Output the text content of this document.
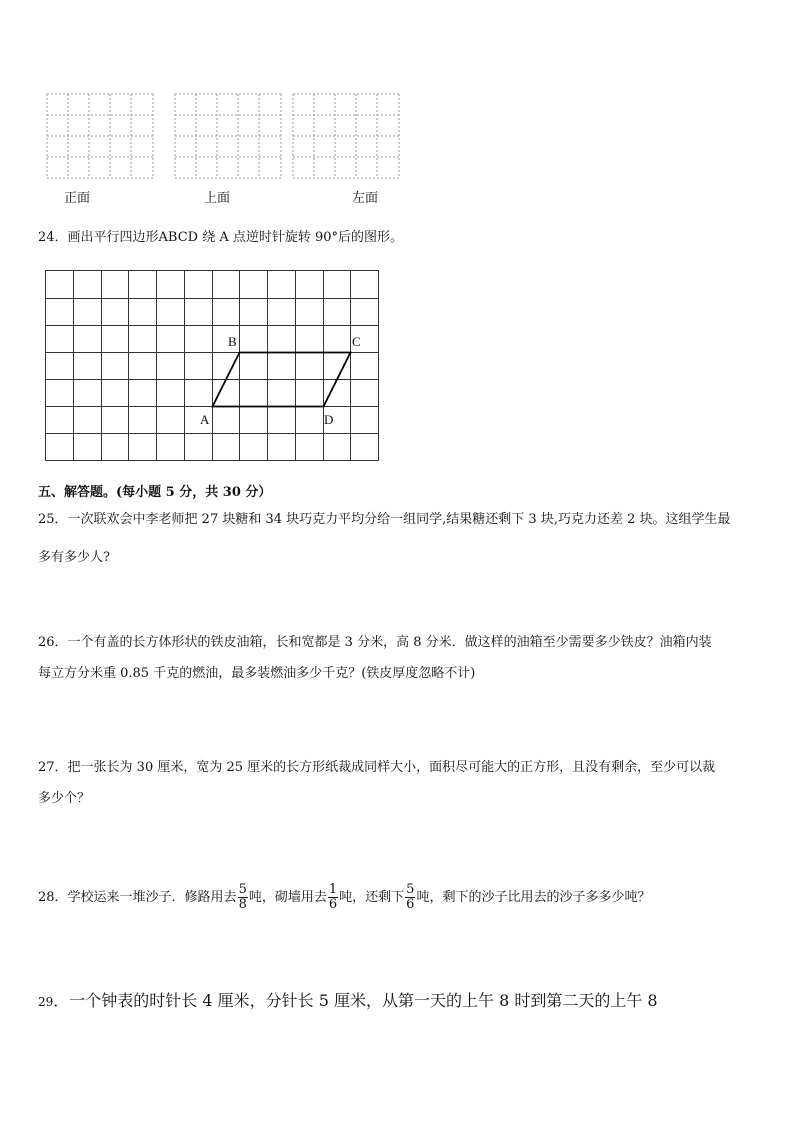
正面	上面	左面
24．画出平行四边形ABCD 绕 A 点逆时针旋转 90°后的图形。
A
B	C
D
五、解答题。(每小题 5 分，共 30 分）
25．一次联欢会中李老师把 27 块糖和 34 块巧克力平均分给一组同学,结果糖还剩下 3 块,巧克力还差 2 块。这组学生最
多有多少人?
26．一个有盖的长方体形状的铁皮油箱，长和宽都是 3 分米，高 8 分米．做这样的油箱至少需要多少铁皮？油箱内装
每立方分米重 0.85 千克的燃油，最多装燃油多少千克？(铁皮厚度忽略不计)
27．把一张长为 30 厘米，宽为 25 厘米的长方形纸裁成同样大小，面积尽可能大的正方形，且没有剩余，至少可以裁
多少个？
28．学校运来一堆沙子．修路用去 $\frac{5}{8}$ 吨，砌墙用去 $\frac{1}{6}$ 吨，还剩下 $\frac{5}{6}$ 吨，剩下的沙子比用去的沙子多多少吨？
29．一个钟表的时针长 4 厘米，分针长 5 厘米，从第一天的上午 8 时到第二天的上午 8
